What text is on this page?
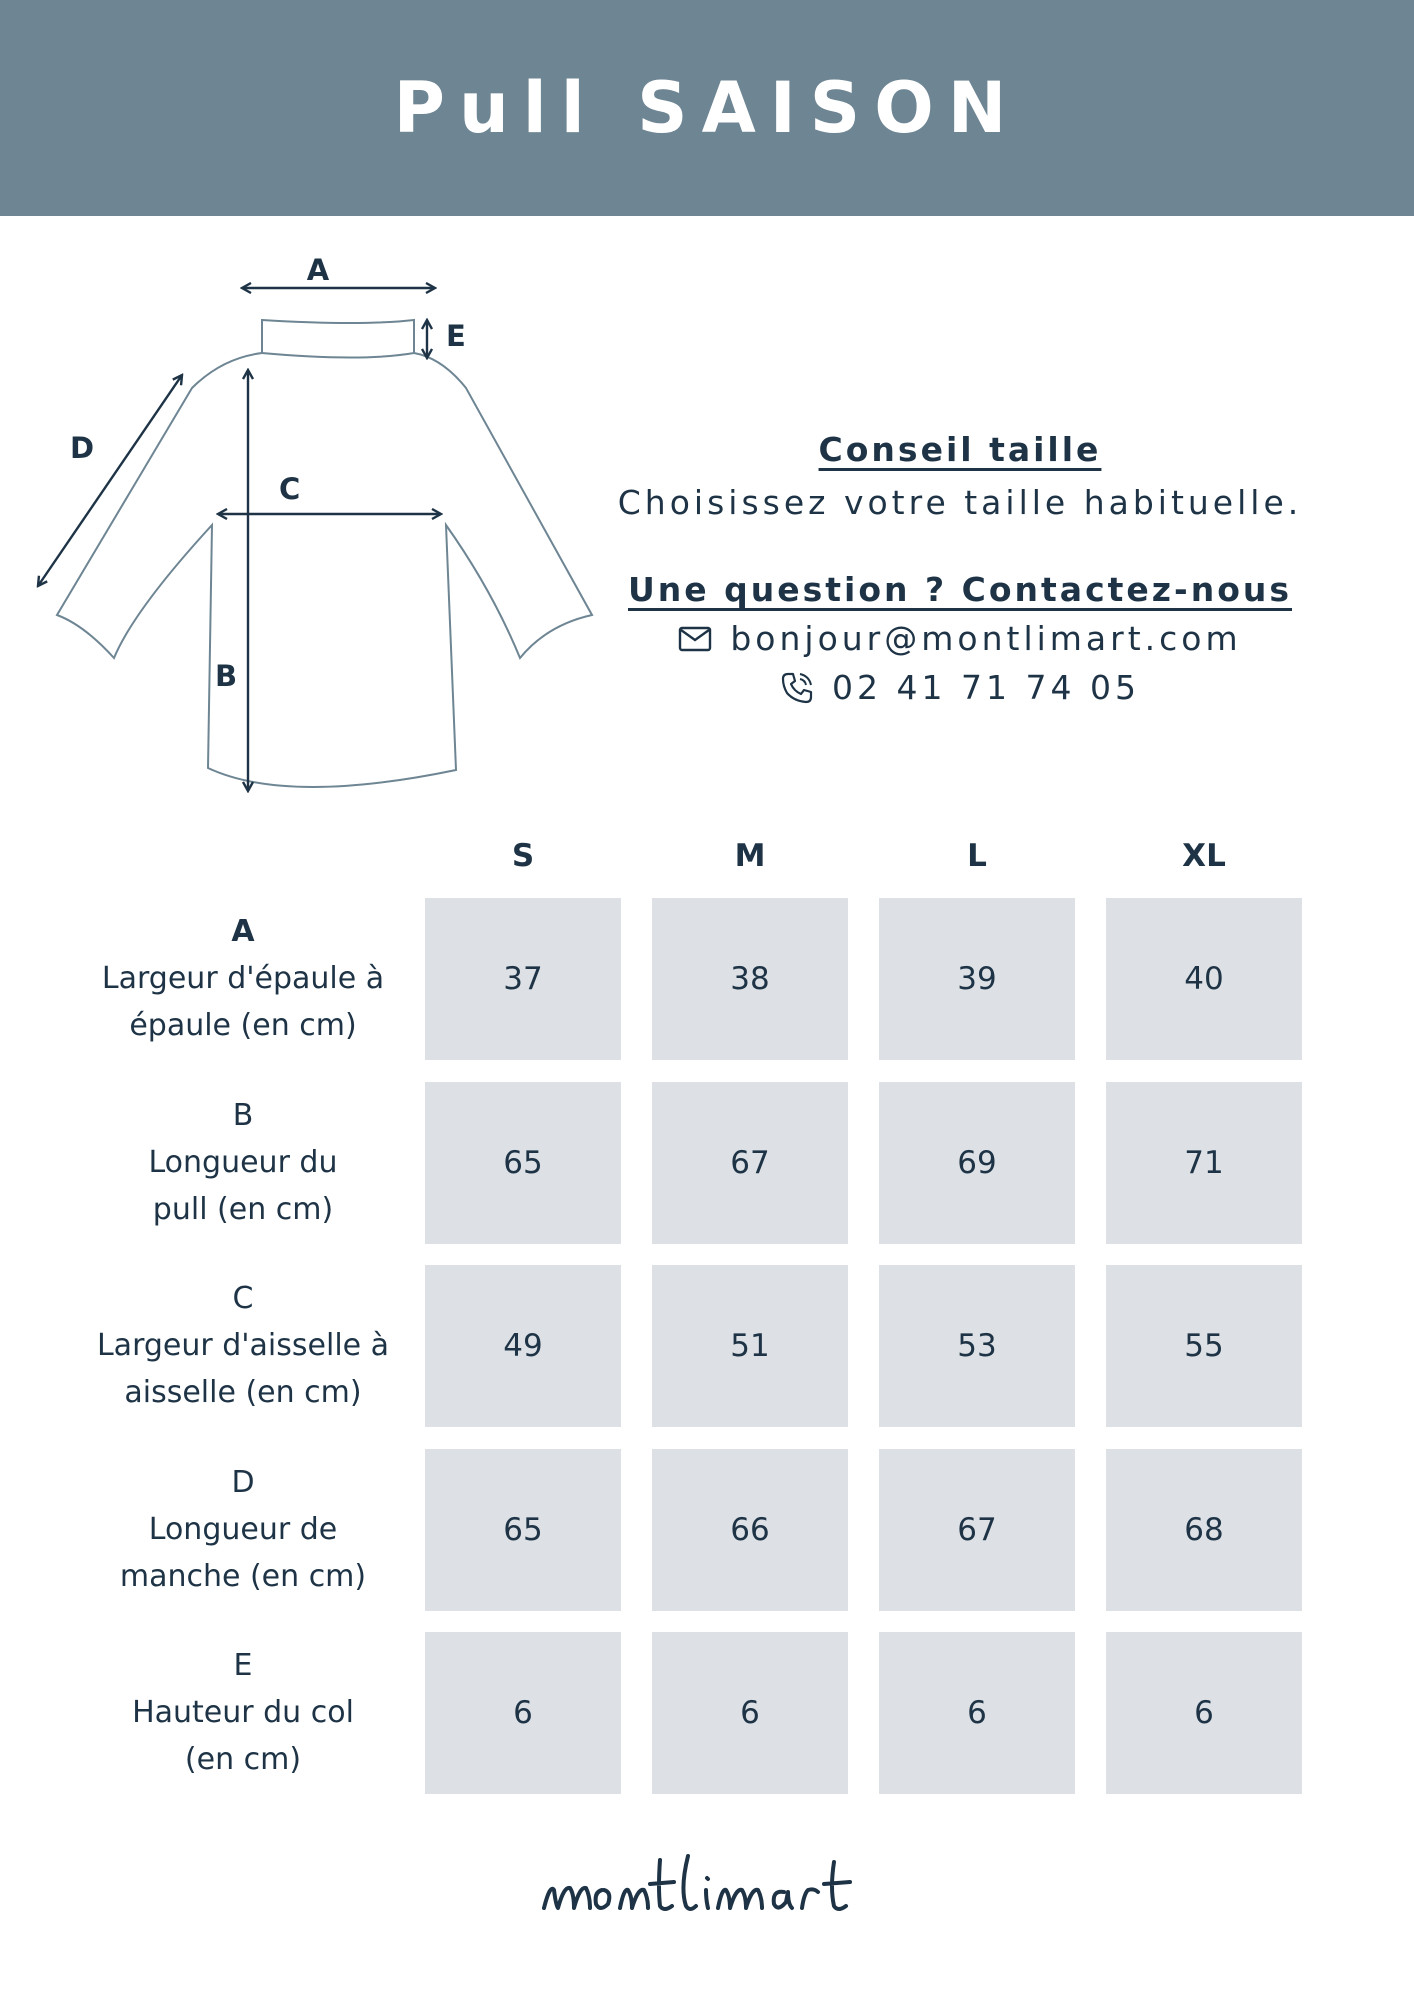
Pull SAISON
A
E
D
C
B

Conseil taille

Choisissez votre taille habituelle.

Une question ? Contactez-nous

bonjour@montlimart.com
02 41 71 74 05
S	M	L	XL
A
Largeur d'épaule à épaule (en cm)
37	38	39	40
B
Longueur du pull (en cm)
65	67	69	71
C
Largeur d'aisselle à aisselle (en cm)
49	51	53	55
D
Longueur de manche (en cm)
65	66	67	68
E
Hauteur du col (en cm)
6	6	6	6
